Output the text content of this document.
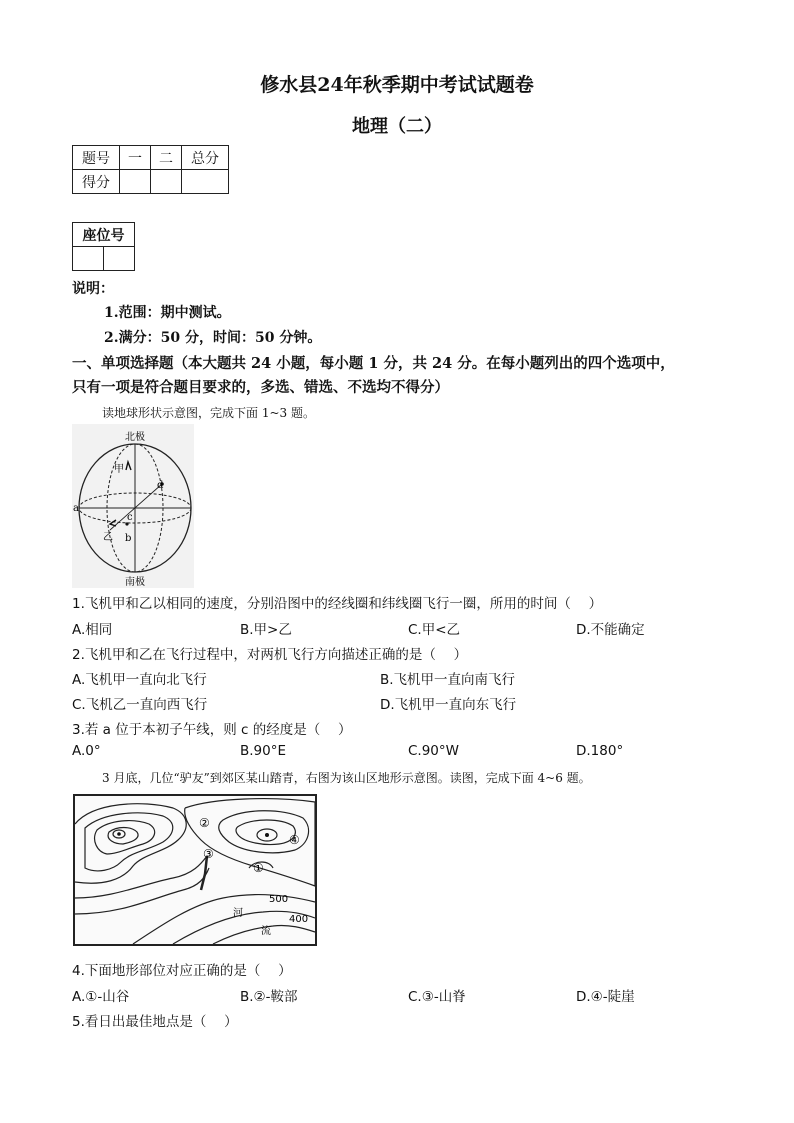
修水县24年秋季期中考试试题卷
地理（二）
题号	一	二	总分
得分			
座位号

说明：
1.范围：期中测试。
2.满分：50 分，时间：50 分钟。
一、单项选择题（本大题共 24 小题，每小题 1 分，共 24 分。在每小题列出的四个选项中，
只有一项是符合题目要求的，多选、错选、不选均不得分）
读地球形状示意图，完成下面 1~3 题。
北极
南极
甲
乙
a
b
c
d
1.飞机甲和乙以相同的速度，分别沿图中的经线圈和纬线圈飞行一圈，所用的时间（　 ）
A.相同	B.甲>乙	C.甲<乙	D.不能确定
2.飞机甲和乙在飞行过程中，对两机飞行方向描述正确的是（　 ）
A.飞机甲一直向北飞行	B.飞机甲一直向南飞行
C.飞机乙一直向西飞行	D.飞机甲一直向东飞行
3.若 a 位于本初子午线，则 c 的经度是（　 ）
A.0°	B.90°E	C.90°W	D.180°
3 月底，几位“驴友”到郊区某山踏青，右图为该山区地形示意图。读图，完成下面 4~6 题。
②
③
④
①
500
400
河
流
4.下面地形部位对应正确的是（　 ）
A.①-山谷	B.②-鞍部	C.③-山脊	D.④-陡崖
5.看日出最佳地点是（　 ）
